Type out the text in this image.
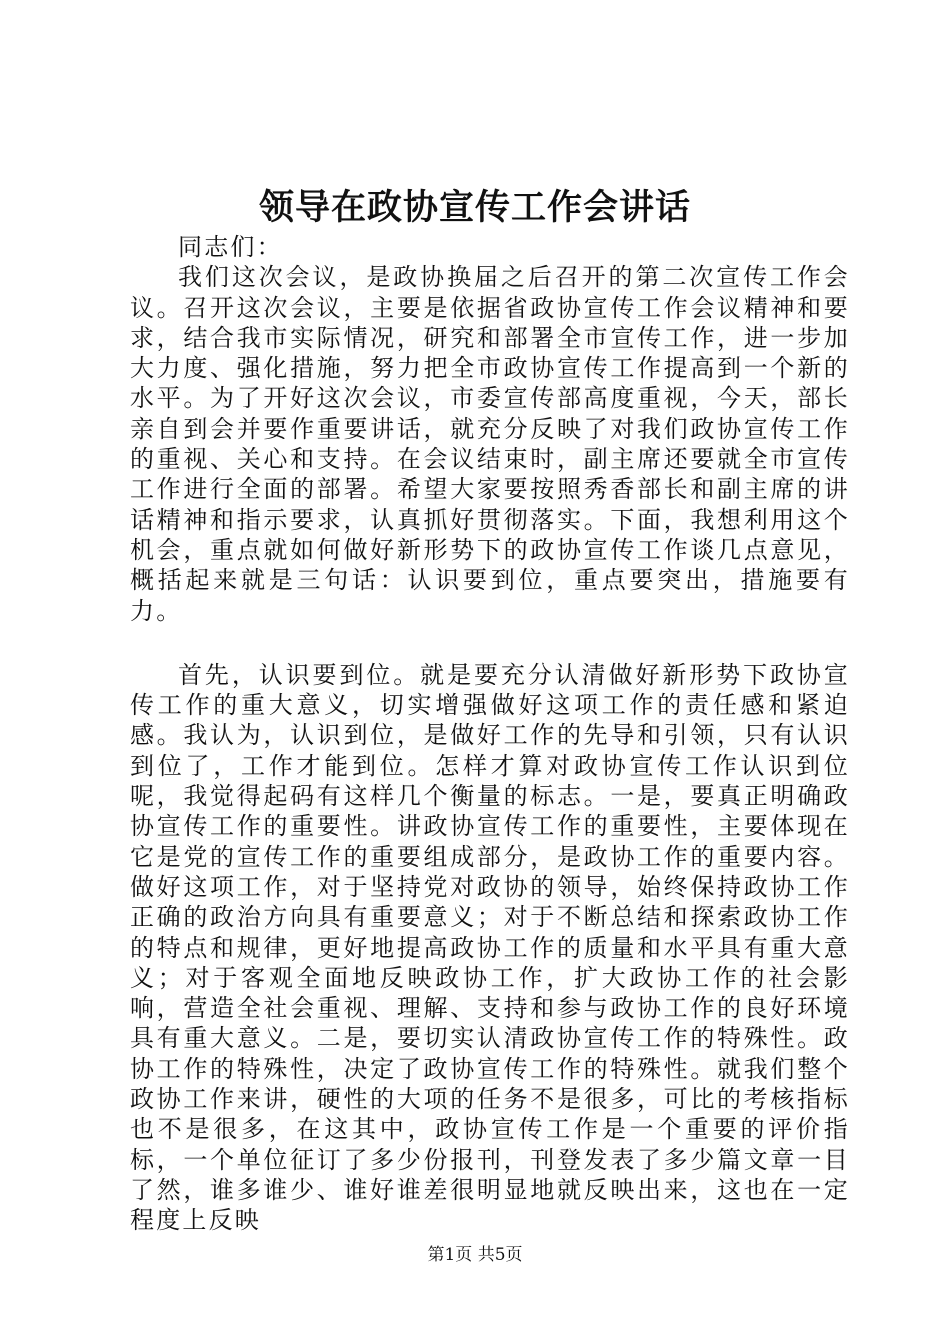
领导在政协宣传工作会讲话

同志们：

我们这次会议，是政协换届之后召开的第二次宣传工作会议。召开这次会议，主要是依据省政协宣传工作会议精神和要求，结合我市实际情况，研究和部署全市宣传工作，进一步加大力度、强化措施，努力把全市政协宣传工作提高到一个新的水平。为了开好这次会议，市委宣传部高度重视，今天，部长亲自到会并要作重要讲话，就充分反映了对我们政协宣传工作的重视、关心和支持。在会议结束时，副主席还要就全市宣传工作进行全面的部署。希望大家要按照秀香部长和副主席的讲话精神和指示要求，认真抓好贯彻落实。下面，我想利用这个机会，重点就如何做好新形势下的政协宣传工作谈几点意见，概括起来就是三句话：认识要到位，重点要突出，措施要有力。

首先，认识要到位。就是要充分认清做好新形势下政协宣传工作的重大意义，切实增强做好这项工作的责任感和紧迫感。我认为，认识到位，是做好工作的先导和引领，只有认识到位了，工作才能到位。怎样才算对政协宣传工作认识到位呢，我觉得起码有这样几个衡量的标志。一是，要真正明确政协宣传工作的重要性。讲政协宣传工作的重要性，主要体现在它是党的宣传工作的重要组成部分，是政协工作的重要内容。做好这项工作，对于坚持党对政协的领导，始终保持政协工作正确的政治方向具有重要意义；对于不断总结和探索政协工作的特点和规律，更好地提高政协工作的质量和水平具有重大意义；对于客观全面地反映政协工作，扩大政协工作的社会影响，营造全社会重视、理解、支持和参与政协工作的良好环境具有重大意义。二是，要切实认清政协宣传工作的特殊性。政协工作的特殊性，决定了政协宣传工作的特殊性。就我们整个政协工作来讲，硬性的大项的任务不是很多，可比的考核指标也不是很多，在这其中，政协宣传工作是一个重要的评价指标，一个单位征订了多少份报刊，刊登发表了多少篇文章一目了然，谁多谁少、谁好谁差很明显地就反映出来，这也在一定程度上反映

第1页 共5页
